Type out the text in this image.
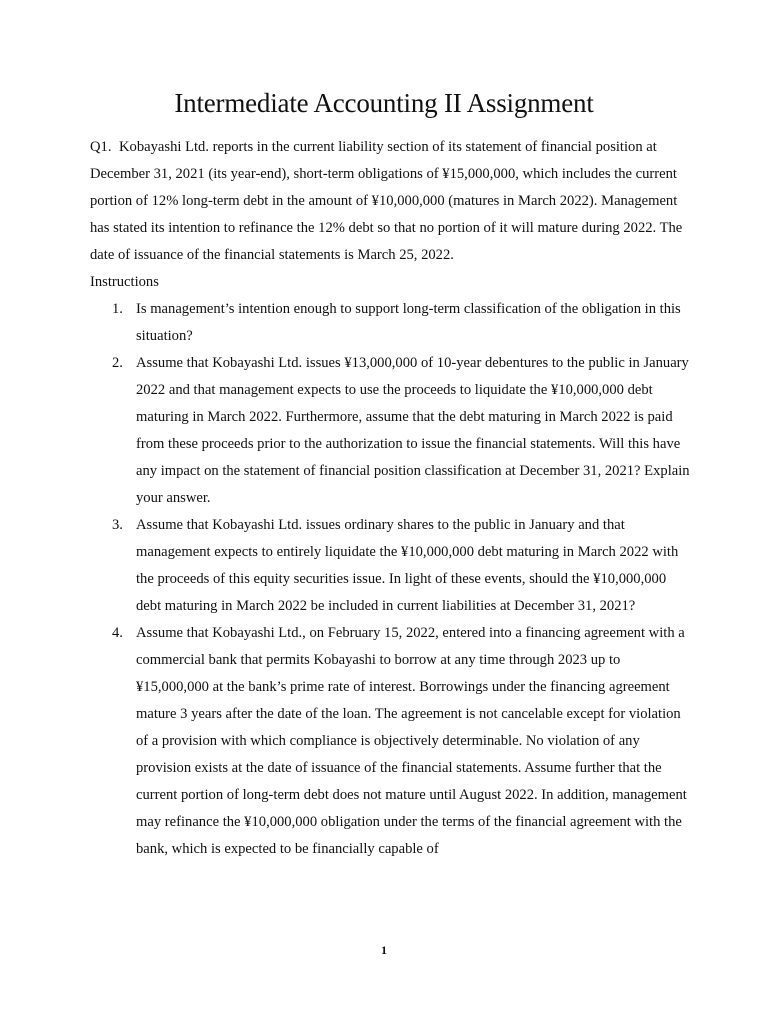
Intermediate Accounting II Assignment

Q1. Kobayashi Ltd. reports in the current liability section of its statement of financial position at December 31, 2021 (its year-end), short-term obligations of ¥15,000,000, which includes the current portion of 12% long-term debt in the amount of ¥10,000,000 (matures in March 2022). Management has stated its intention to refinance the 12% debt so that no portion of it will mature during 2022. The date of issuance of the financial statements is March 25, 2022.

Instructions

1. Is management’s intention enough to support long-term classification of the obligation in this situation?
2. Assume that Kobayashi Ltd. issues ¥13,000,000 of 10-year debentures to the public in January 2022 and that management expects to use the proceeds to liquidate the ¥10,000,000 debt maturing in March 2022. Furthermore, assume that the debt maturing in March 2022 is paid from these proceeds prior to the authorization to issue the financial statements. Will this have any impact on the statement of financial position classification at December 31, 2021? Explain your answer.
3. Assume that Kobayashi Ltd. issues ordinary shares to the public in January and that management expects to entirely liquidate the ¥10,000,000 debt maturing in March 2022 with the proceeds of this equity securities issue. In light of these events, should the ¥10,000,000 debt maturing in March 2022 be included in current liabilities at December 31, 2021?
4. Assume that Kobayashi Ltd., on February 15, 2022, entered into a financing agreement with a commercial bank that permits Kobayashi to borrow at any time through 2023 up to ¥15,000,000 at the bank’s prime rate of interest. Borrowings under the financing agreement mature 3 years after the date of the loan. The agreement is not cancelable except for violation of a provision with which compliance is objectively determinable. No violation of any provision exists at the date of issuance of the financial statements. Assume further that the current portion of long-term debt does not mature until August 2022. In addition, management may refinance the ¥10,000,000 obligation under the terms of the financial agreement with the bank, which is expected to be financially capable of
1
